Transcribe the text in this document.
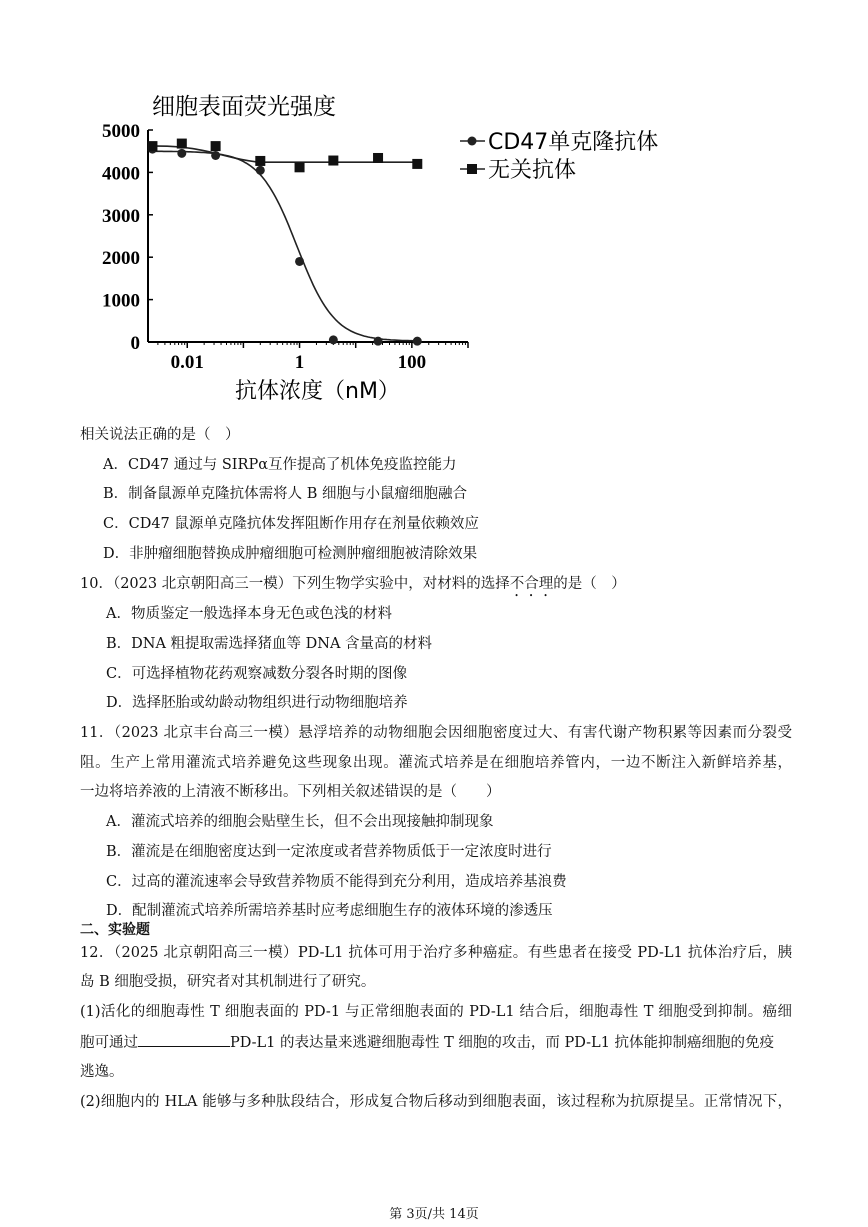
细胞表面荧光强度
0
1000
2000
3000
4000
5000
0.01	1	100
CD47单克隆抗体
无关抗体
抗体浓度（nM）
相关说法正确的是（　）
A．CD47 通过与 SIRPα互作提高了机体免疫监控能力
B．制备鼠源单克隆抗体需将人 B 细胞与小鼠瘤细胞融合
C．CD47 鼠源单克隆抗体发挥阻断作用存在剂量依赖效应
D．非肿瘤细胞替换成肿瘤细胞可检测肿瘤细胞被清除效果
10．（2023 北京朝阳高三一模）下列生物学实验中，对材料的选择不合理的是（　）
A．物质鉴定一般选择本身无色或色浅的材料
B．DNA 粗提取需选择猪血等 DNA 含量高的材料
C．可选择植物花药观察减数分裂各时期的图像
D．选择胚胎或幼龄动物组织进行动物细胞培养
11．（2023 北京丰台高三一模）悬浮培养的动物细胞会因细胞密度过大、有害代谢产物积累等因素而分裂受
阻。生产上常用灌流式培养避免这些现象出现。灌流式培养是在细胞培养管内，一边不断注入新鲜培养基，
一边将培养液的上清液不断移出。下列相关叙述错误的是（　　）
A．灌流式培养的细胞会贴壁生长，但不会出现接触抑制现象
B．灌流是在细胞密度达到一定浓度或者营养物质低于一定浓度时进行
C．过高的灌流速率会导致营养物质不能得到充分利用，造成培养基浪费
D．配制灌流式培养所需培养基时应考虑细胞生存的液体环境的渗透压
二、实验题
12．（2025 北京朝阳高三一模）PD-L1 抗体可用于治疗多种癌症。有些患者在接受 PD-L1 抗体治疗后，胰
岛 B 细胞受损，研究者对其机制进行了研究。
(1)活化的细胞毒性 T 细胞表面的 PD-1 与正常细胞表面的 PD-L1 结合后，细胞毒性 T 细胞受到抑制。癌细
胞可通过	PD-L1 的表达量来逃避细胞毒性 T 细胞的攻击，而 PD-L1 抗体能抑制癌细胞的免疫
逃逸。
(2)细胞内的 HLA 能够与多种肽段结合，形成复合物后移动到细胞表面，该过程称为抗原提呈。正常情况下，
第 3页/共 14页
